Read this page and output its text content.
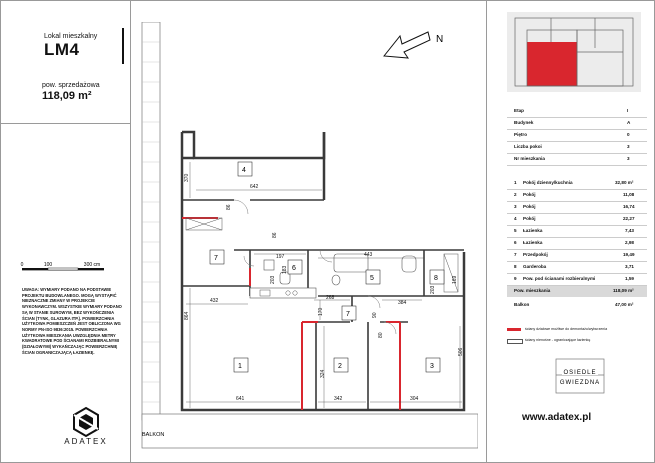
Lokal mieszkalny
LM4
pow. sprzedażowa
118,09 m²
0	100	300 cm
UWAGA: WYMIARY PODANO NA PODSTAWIE PROJEKTU BUDOWLANEGO. MOGĄ WYSTĄPIĆ NIEZNACZNE ZMIANY W PROJEKCIE WYKONAWCZYM. WSZYSTKIE WYMIARY PODANO SĄ W STANIE SUROWYM, BEZ WYKOŃCZENIA ŚCIAN (TYNK, GLAZURA ITP.). POWIERZCHNIA UŻYTKOWA POMIESZCZEŃ JEST OBLICZONA WG NORMY PN-ISO 9836:2015. POWIERZCHNIA UŻYTKOWA MIESZKANIA UWZGLĘDNIA METRY KWADRATOWE POD ŚCIANAMI ROZBIERALNYMI (DZIAŁOWYMI) WYKAŃCZAJĄC POWIERZCHNIĘ ŚCIAN OGRANICZAJĄCĄ ŁAZIENKĘ.
ADATEX
N
BALKON
4
7
6
5	8
7
1	2	3
642
370
432
864
197	443
268
384
203
170
324
506
641	342	304
183
169
86
86
203
90
80
Etap	I
Budynek	A
Piętro	0
Liczba pokoi	3
Nr mieszkania	3
1 Pokój dzienny/kuchnia	32,80 m²
2 Pokój	11,08
3 Pokój	16,74
4 Pokój	22,27
5 Łazienka	7,43
6 Łazienka	2,98
7 Przedpokój	19,49
8 Garderoba	3,71
9 Pow. pod ścianami rozbieralnymi	1,59
Pow. mieszkania	118,09 m²
Balkon	47,00 m²
ściany działowe możliwe do demontażu/wyburzenia
ściany nienośne - ograniczające łazienkę
OSIEDLE
GWIEZDNA
www.adatex.pl
